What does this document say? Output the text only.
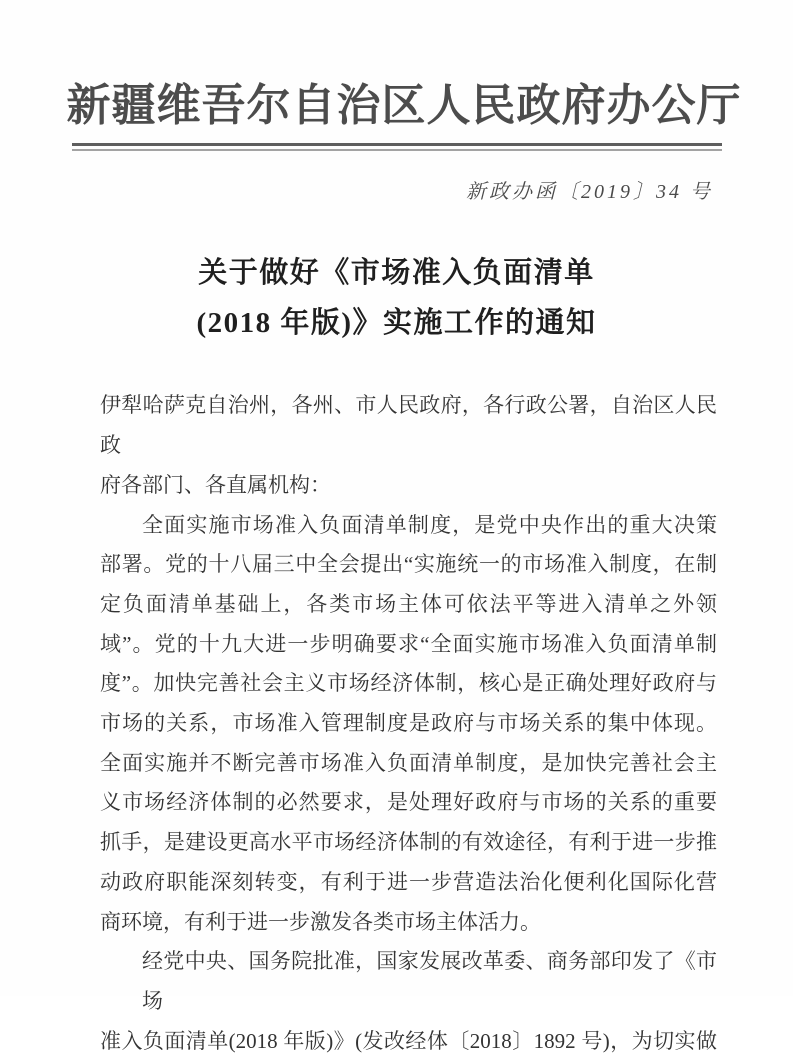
新疆维吾尔自治区人民政府办公厅
新政办函〔2019〕34 号
关于做好《市场准入负面清单
(2018 年版)》实施工作的通知
伊犁哈萨克自治州，各州、市人民政府，各行政公署，自治区人民政
府各部门、各直属机构：
全面实施市场准入负面清单制度，是党中央作出的重大决策
部署。党的十八届三中全会提出“实施统一的市场准入制度，在制
定负面清单基础上，各类市场主体可依法平等进入清单之外领
域”。党的十九大进一步明确要求“全面实施市场准入负面清单制
度”。加快完善社会主义市场经济体制，核心是正确处理好政府与
市场的关系，市场准入管理制度是政府与市场关系的集中体现。
全面实施并不断完善市场准入负面清单制度，是加快完善社会主
义市场经济体制的必然要求，是处理好政府与市场的关系的重要
抓手，是建设更高水平市场经济体制的有效途径，有利于进一步推
动政府职能深刻转变，有利于进一步营造法治化便利化国际化营
商环境，有利于进一步激发各类市场主体活力。
经党中央、国务院批准，国家发展改革委、商务部印发了《市场
准入负面清单(2018 年版)》(发改经体〔2018〕1892 号)，为切实做
